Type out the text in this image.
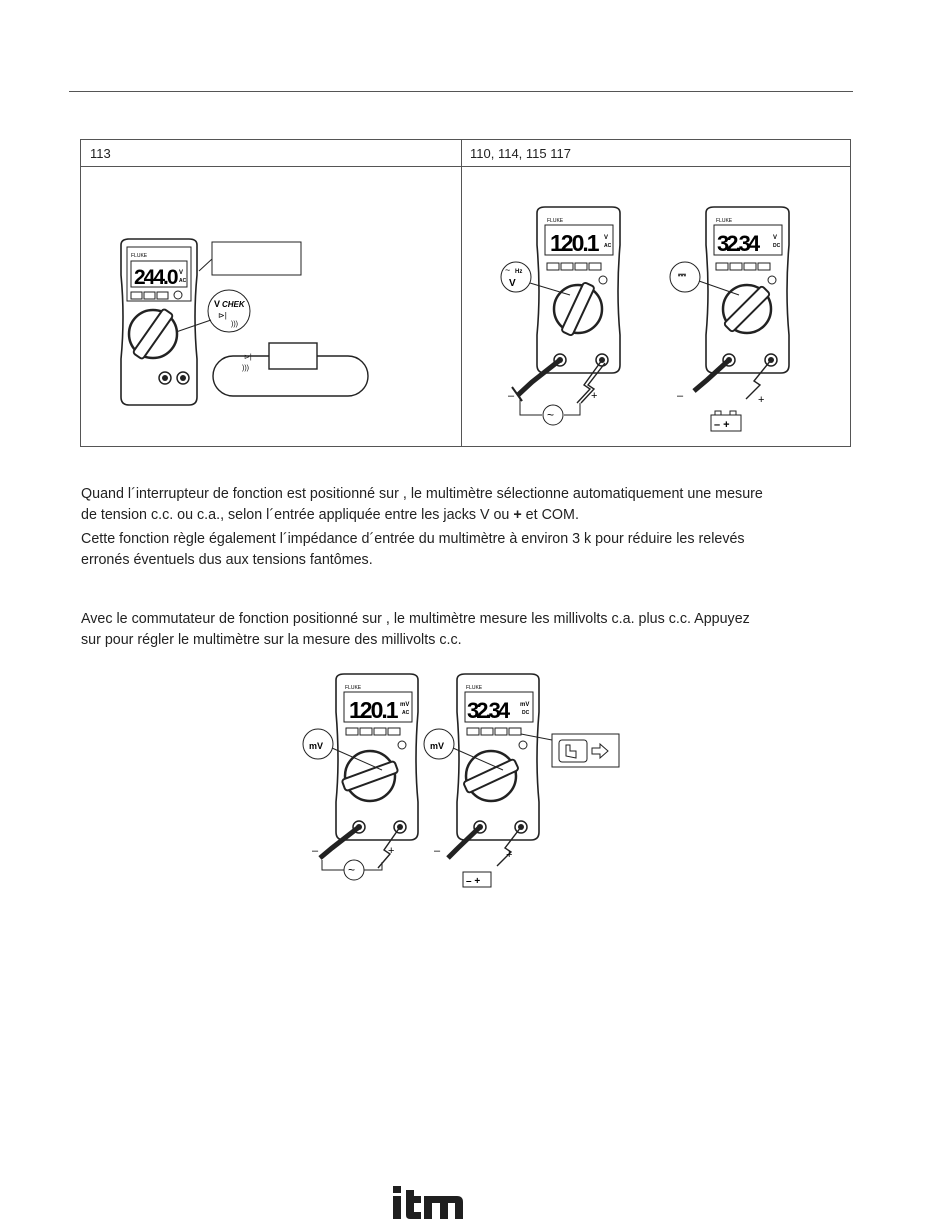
113	110, 114, 115 117
FLUKE
244.0 V
AC
V CHEK
⊳|
)))
⊳|
)))
FLUKE
120.1	V
AC
~ Hz
V
–	+
~
FLUKE
32.34	V
DC
⎓
–	+
– +

Quand l´interrupteur de fonction est positionné sur , le multimètre sélectionne automatiquement une mesure
de tension c.c. ou c.a., selon l´entrée appliquée entre les jacks V ou + et COM.

Cette fonction règle également l´impédance d´entrée du multimètre à environ 3 k pour réduire les relevés
erronés éventuels dus aux tensions fantômes.

Avec le commutateur de fonction positionné sur , le multimètre mesure les millivolts c.a. plus c.c. Appuyez
sur pour régler le multimètre sur la mesure des millivolts c.c.

FLUKE
120.1 mV
AC
mV
–	+
~
FLUKE
32.34	mV
DC
mV
–	+
– +
